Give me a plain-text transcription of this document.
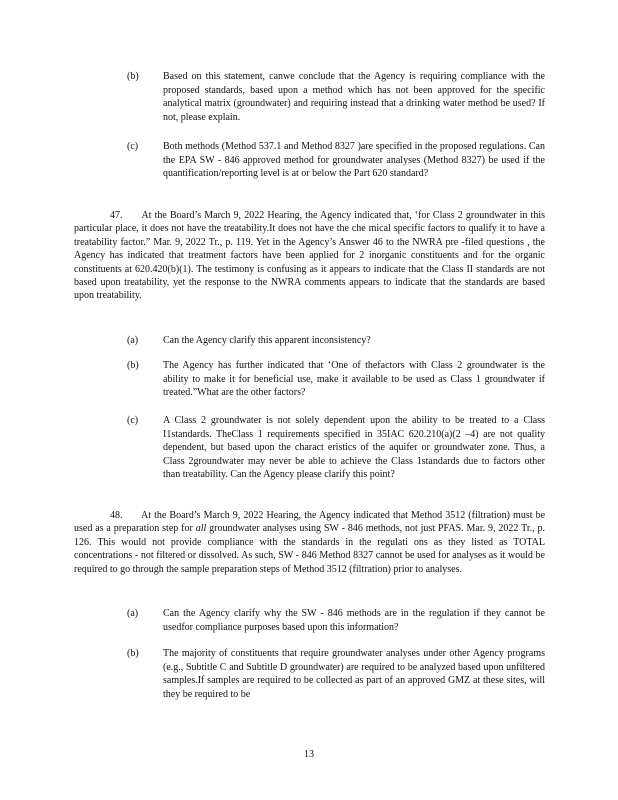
(b) Based on this statement, canwe conclude that the Agency is requiring compliance with the proposed standards, based upon a method which has not been approved for the specific analytical matrix (groundwater) and requiring instead that a drinking water method be used? If not, please explain.
(c) Both methods (Method 537.1 and Method 8327 )are specified in the proposed regulations. Can the EPA SW - 846 approved method for groundwater analyses (Method 8327) be used if the quantification/reporting level is at or below the Part 620 standard?
47. At the Board’s March 9, 2022 Hearing, the Agency indicated that, ‘for Class 2 groundwater in this particular place, it does not have the treatability.It does not have the che mical specific factors to qualify it to have a treatability factor.” Mar. 9, 2022 Tr., p. 119. Yet in the Agency’s Answer 46 to the NWRA pre -filed questions , the Agency has indicated that treatment factors have been applied for 2 inorganic constituents and for the organic constituents at 620.420(b)(1). The testimony is confusing as it appears to indicate that the Class II standards are not based upon treatability, yet the response to the NWRA comments appears to indicate that the standards are based upon treatability.
(a) Can the Agency clarify this apparent inconsistency?
(b) The Agency has further indicated that ‘One of thefactors with Class 2 groundwater is the ability to make it for beneficial use, make it available to be used as Class 1 groundwater if treated.”What are the other factors?
(c) A Class 2 groundwater is not solely dependent upon the ability to be treated to a Class I1standards. TheClass 1 requirements specified in 35IAC 620.210(a)(2 –4) are not quality dependent, but based upon the charact eristics of the aquifer or groundwater zone. Thus, a Class 2groundwater may never be able to achieve the Class 1standards due to factors other than treatability. Can the Agency please clarify this point?
48. At the Board’s March 9, 2022 Hearing, the Agency indicated that Method 3512 (filtration) must be used as a preparation step for all groundwater analyses using SW - 846 methods, not just PFAS. Mar. 9, 2022 Tr., p. 126. This would not provide compliance with the standards in the regulati ons as they listed as TOTAL concentrations - not filtered or dissolved. As such, SW - 846 Method 8327 cannot be used for analyses as it would be required to go through the sample preparation steps of Method 3512 (filtration) prior to analyses.
(a) Can the Agency clarify why the SW - 846 methods are in the regulation if they cannot be usedfor compliance purposes based upon this information?
(b) The majority of constituents that require groundwater analyses under other Agency programs (e.g., Subtitle C and Subtitle D groundwater) are required to be analyzed based upon unfiltered samples.If samples are required to be collected as part of an approved GMZ at these sites, will they be required to be
13
